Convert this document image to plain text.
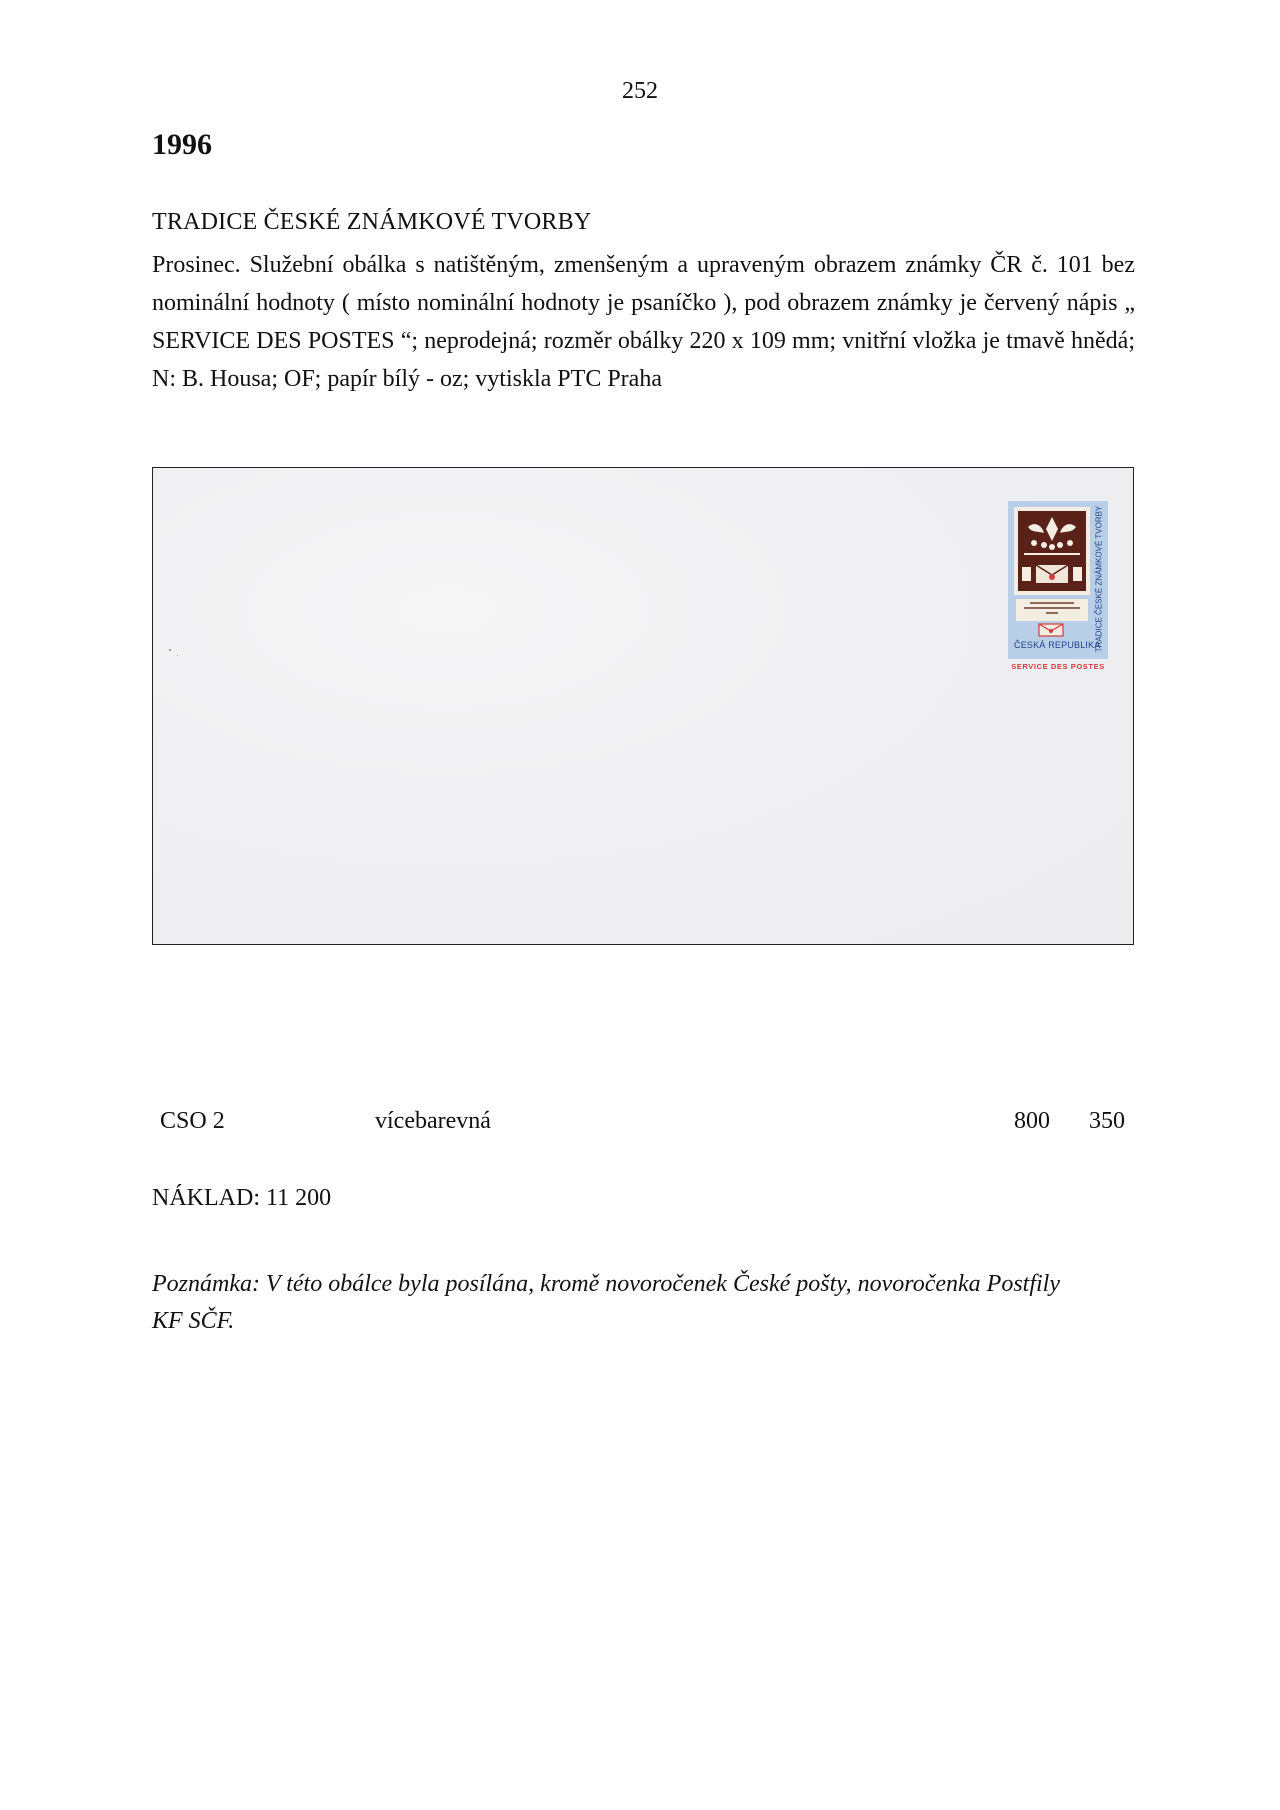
252
1996
TRADICE ČESKÉ ZNÁMKOVÉ TVORBY
Prosinec. Služební obálka s natištěným, zmenšeným a upraveným obrazem známky ČR č. 101 bez nominální hodnoty ( místo nominální hodnoty je psaníčko ), pod obrazem známky je červený nápis „ SERVICE DES POSTES “; neprodejná; rozměr obálky 220 x 109 mm; vnitřní vložka je tmavě hnědá; N: B. Housa; OF; papír bílý - oz; vytiskla PTC Praha
ČESKÁ REPUBLIKA
TRADICE ČESKÉ ZNÁMKOVÉ TVORBY
SERVICE DES POSTES
CSO 2	vícebarevná	800 350
NÁKLAD: 11 200
Poznámka: V této obálce byla posílána, kromě novoročenek České pošty, novoročenka Postfily KF SČF.
